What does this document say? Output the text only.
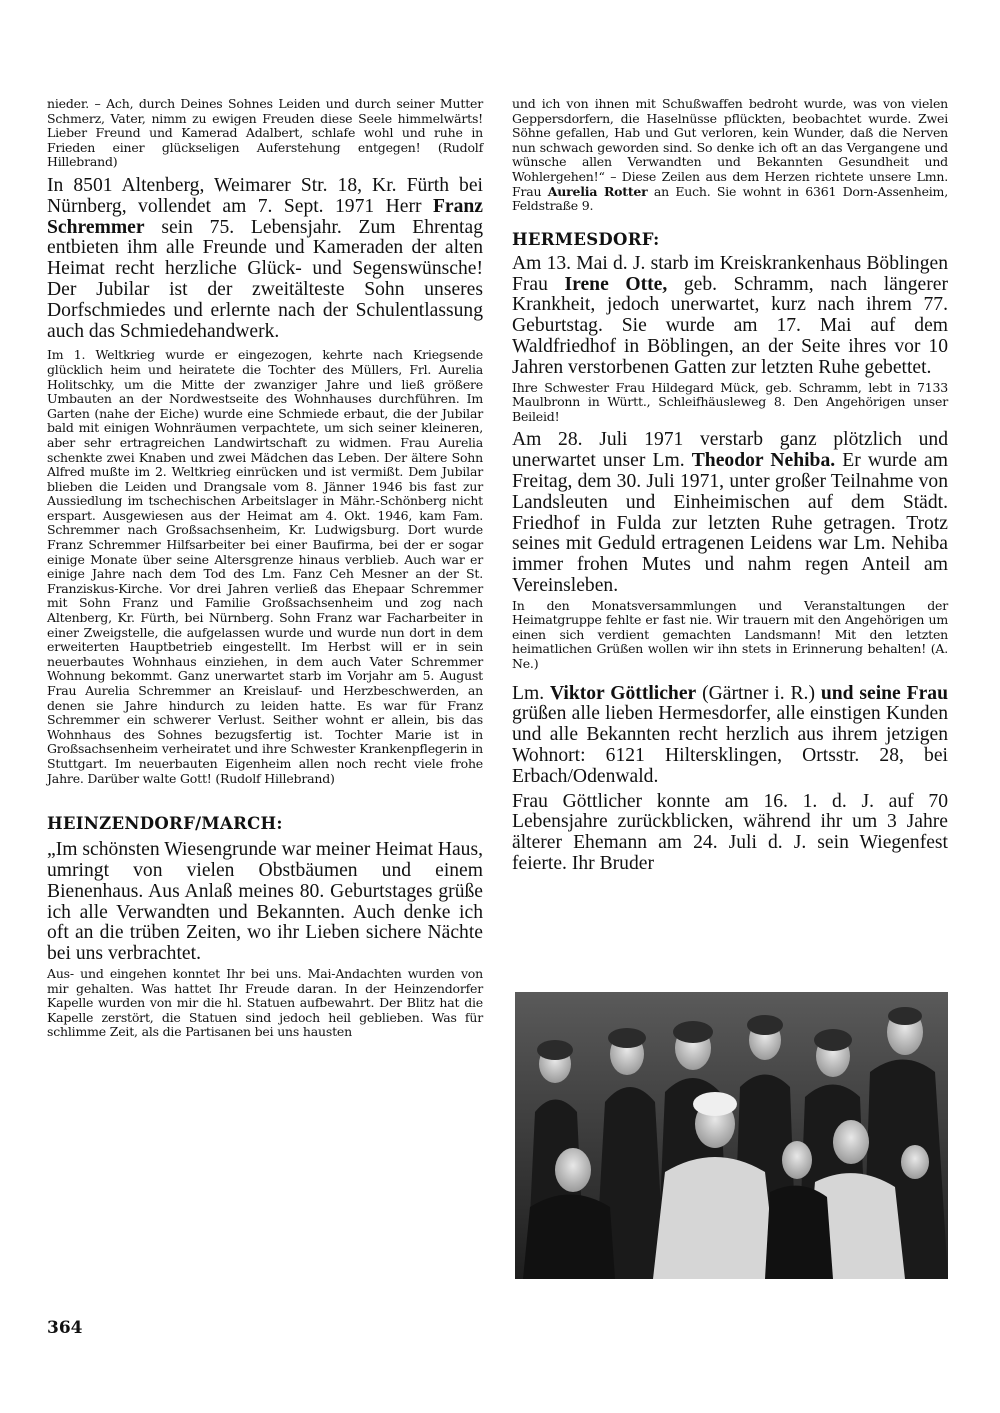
nieder. – Ach, durch Deines Sohnes Leiden und durch seiner Mutter Schmerz, Vater, nimm zu ewigen Freuden diese Seele himmelwärts! Lieber Freund und Kamerad Adalbert, schlafe wohl und ruhe in Frieden einer glückseligen Auferstehung entgegen! (Rudolf Hillebrand)

In 8501 Altenberg, Weimarer Str. 18, Kr. Fürth bei Nürnberg, vollendet am 7. Sept. 1971 Herr Franz Schremmer sein 75. Lebensjahr. Zum Ehrentag entbieten ihm alle Freunde und Kameraden der alten Heimat recht herzliche Glück- und Segenswünsche! Der Jubilar ist der zweitälteste Sohn unseres Dorfschmiedes und erlernte nach der Schulentlassung auch das Schmiedehandwerk.

Im 1. Weltkrieg wurde er eingezogen, kehrte nach Kriegsende glücklich heim und heiratete die Tochter des Müllers, Frl. Aurelia Holitschky, um die Mitte der zwanziger Jahre und ließ größere Umbauten an der Nordwestseite des Wohnhauses durchführen. Im Garten (nahe der Eiche) wurde eine Schmiede erbaut, die der Jubilar bald mit einigen Wohnräumen verpachtete, um sich seiner kleineren, aber sehr ertragreichen Landwirtschaft zu widmen. Frau Aurelia schenkte zwei Knaben und zwei Mädchen das Leben. Der ältere Sohn Alfred mußte im 2. Weltkrieg einrücken und ist vermißt. Dem Jubilar blieben die Leiden und Drangsale vom 8. Jänner 1946 bis fast zur Aussiedlung im tschechischen Arbeitslager in Mähr.-Schönberg nicht erspart. Ausgewiesen aus der Heimat am 4. Okt. 1946, kam Fam. Schremmer nach Großsachsenheim, Kr. Ludwigsburg. Dort wurde Franz Schremmer Hilfsarbeiter bei einer Baufirma, bei der er sogar einige Monate über seine Altersgrenze hinaus verblieb. Auch war er einige Jahre nach dem Tod des Lm. Fanz Ceh Mesner an der St. Franziskus-Kirche. Vor drei Jahren verließ das Ehepaar Schremmer mit Sohn Franz und Familie Großsachsenheim und zog nach Altenberg, Kr. Fürth, bei Nürnberg. Sohn Franz war Facharbeiter in einer Zweigstelle, die aufgelassen wurde und wurde nun dort in dem erweiterten Hauptbetrieb eingestellt. Im Herbst will er in sein neuerbautes Wohnhaus einziehen, in dem auch Vater Schremmer Wohnung bekommt. Ganz unerwartet starb im Vorjahr am 5. August Frau Aurelia Schremmer an Kreislauf- und Herzbeschwerden, an denen sie Jahre hindurch zu leiden hatte. Es war für Franz Schremmer ein schwerer Verlust. Seither wohnt er allein, bis das Wohnhaus des Sohnes bezugsfertig ist. Tochter Marie ist in Großsachsenheim verheiratet und ihre Schwester Krankenpflegerin in Stuttgart. Im neuerbauten Eigenheim allen noch recht viele frohe Jahre. Darüber walte Gott! (Rudolf Hillebrand)

HEINZENDORF/MARCH:

„Im schönsten Wiesengrunde war meiner Heimat Haus, umringt von vielen Obstbäumen und einem Bienenhaus. Aus Anlaß meines 80. Geburtstages grüße ich alle Verwandten und Bekannten. Auch denke ich oft an die trüben Zeiten, wo ihr Lieben sichere Nächte bei uns verbrachtet.

Aus- und eingehen konntet Ihr bei uns. Mai-Andachten wurden von mir gehalten. Was hattet Ihr Freude daran. In der Heinzendorfer Kapelle wurden von mir die hl. Statuen aufbewahrt. Der Blitz hat die Kapelle zerstört, die Statuen sind jedoch heil geblieben. Was für schlimme Zeit, als die Partisanen bei uns hausten

und ich von ihnen mit Schußwaffen bedroht wurde, was von vielen Geppersdorfern, die Haselnüsse pflückten, beobachtet wurde. Zwei Söhne gefallen, Hab und Gut verloren, kein Wunder, daß die Nerven nun schwach geworden sind. So denke ich oft an das Vergangene und wünsche allen Verwandten und Bekannten Gesundheit und Wohlergehen!“ – Diese Zeilen aus dem Herzen richtete unsere Lmn. Frau Aurelia Rotter an Euch. Sie wohnt in 6361 Dorn-Assenheim, Feldstraße 9.

HERMESDORF:

Am 13. Mai d. J. starb im Kreiskrankenhaus Böblingen Frau Irene Otte, geb. Schramm, nach längerer Krankheit, jedoch unerwartet, kurz nach ihrem 77. Geburtstag. Sie wurde am 17. Mai auf dem Waldfriedhof in Böblingen, an der Seite ihres vor 10 Jahren verstorbenen Gatten zur letzten Ruhe gebettet.

Ihre Schwester Frau Hildegard Mück, geb. Schramm, lebt in 7133 Maulbronn in Württ., Schleifhäusleweg 8. Den Angehörigen unser Beileid!

Am 28. Juli 1971 verstarb ganz plötzlich und unerwartet unser Lm. Theodor Nehiba. Er wurde am Freitag, dem 30. Juli 1971, unter großer Teilnahme von Landsleuten und Einheimischen auf dem Städt. Friedhof in Fulda zur letzten Ruhe getragen. Trotz seines mit Geduld ertragenen Leidens war Lm. Nehiba immer frohen Mutes und nahm regen Anteil am Vereinsleben.

In den Monatsversammlungen und Veranstaltungen der Heimatgruppe fehlte er fast nie. Wir trauern mit den Angehörigen um einen sich verdient gemachten Landsmann! Mit den letzten heimatlichen Grüßen wollen wir ihn stets in Erinnerung behalten! (A. Ne.)

Lm. Viktor Göttlicher (Gärtner i. R.) und seine Frau grüßen alle lieben Hermesdorfer, alle einstigen Kunden und alle Bekannten recht herzlich aus ihrem jetzigen Wohnort: 6121 Hiltersklingen, Ortsstr. 28, bei Erbach/Odenwald.

Frau Göttlicher konnte am 16. 1. d. J. auf 70 Lebensjahre zurückblicken, während ihr um 3 Jahre älterer Ehemann am 24. Juli d. J. sein Wiegenfest feierte. Ihr Bruder

364
